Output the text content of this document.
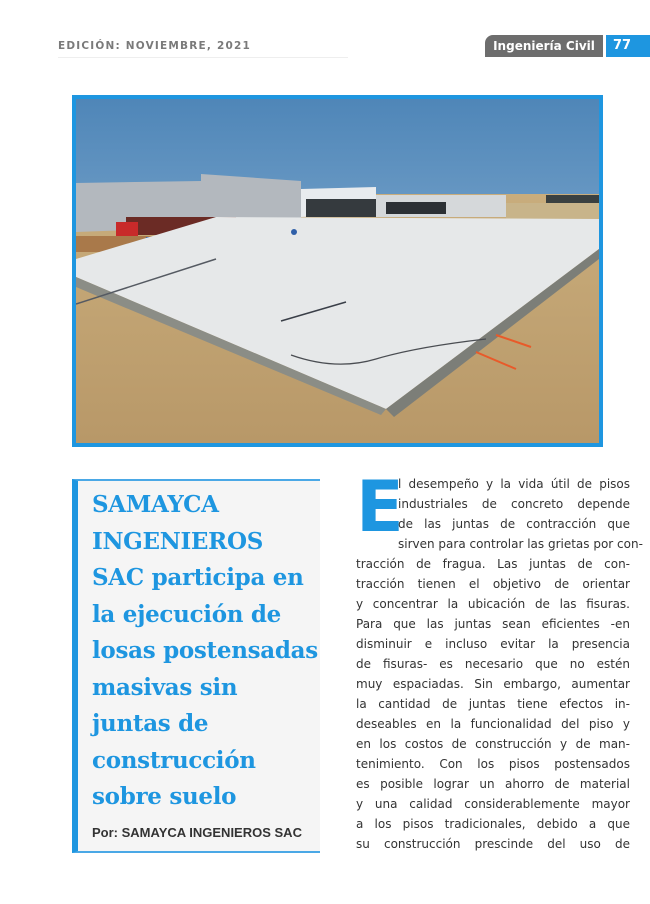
EDICIÓN: NOVIEMBRE, 2021	Ingeniería Civil	77
SAMAYCA
INGENIEROS
SAC participa en
la ejecución de
losas postensadas
masivas sin
juntas de
construcción
sobre suelo
Por: SAMAYCA INGENIEROS SAC
E
l desempeño y la vida útil de pisos
industriales de concreto depende
de las juntas de contracción que
sirven para controlar las grietas por con-
tracción de fragua. Las juntas de con-
tracción tienen el objetivo de orientar
y concentrar la ubicación de las fisuras.
Para que las juntas sean eficientes -en
disminuir e incluso evitar la presencia
de fisuras- es necesario que no estén
muy espaciadas. Sin embargo, aumentar
la cantidad de juntas tiene efectos in-
deseables en la funcionalidad del piso y
en los costos de construcción y de man-
tenimiento. Con los pisos postensados
es posible lograr un ahorro de material
y una calidad considerablemente mayor
a los pisos tradicionales, debido a que
su construcción prescinde del uso de
